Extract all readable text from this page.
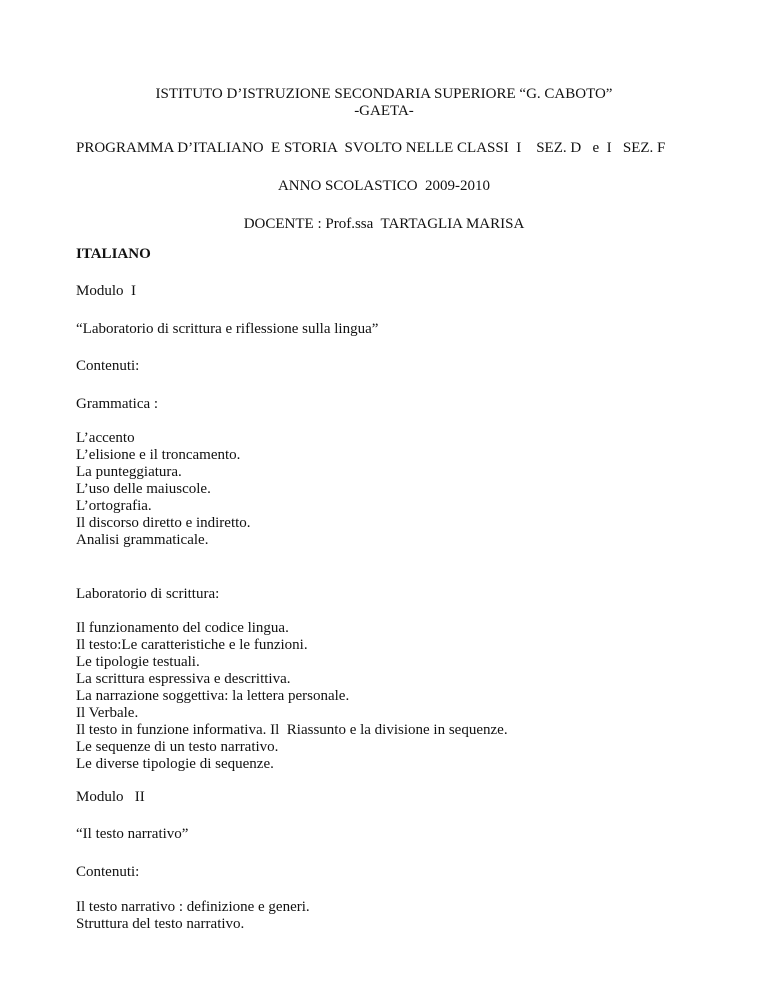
ISTITUTO D’ISTRUZIONE SECONDARIA SUPERIORE “G. CABOTO”
-GAETA-
PROGRAMMA D’ITALIANO  E STORIA  SVOLTO NELLE CLASSI  I    SEZ. D   e  I   SEZ. F
ANNO SCOLASTICO  2009-2010
DOCENTE : Prof.ssa  TARTAGLIA MARISA
ITALIANO
Modulo  I
“Laboratorio di scrittura e riflessione sulla lingua”
Contenuti:
Grammatica :
L’accento
L’elisione e il troncamento.
La punteggiatura.
L’uso delle maiuscole.
L’ortografia.
Il discorso diretto e indiretto.
Analisi grammaticale.
Laboratorio di scrittura:
Il funzionamento del codice lingua.
Il testo:Le caratteristiche e le funzioni.
Le tipologie testuali.
La scrittura espressiva e descrittiva.
La narrazione soggettiva: la lettera personale.
Il Verbale.
Il testo in funzione informativa. Il  Riassunto e la divisione in sequenze.
Le sequenze di un testo narrativo.
Le diverse tipologie di sequenze.
Modulo   II
“Il testo narrativo”
Contenuti:
Il testo narrativo : definizione e generi.
Struttura del testo narrativo.
